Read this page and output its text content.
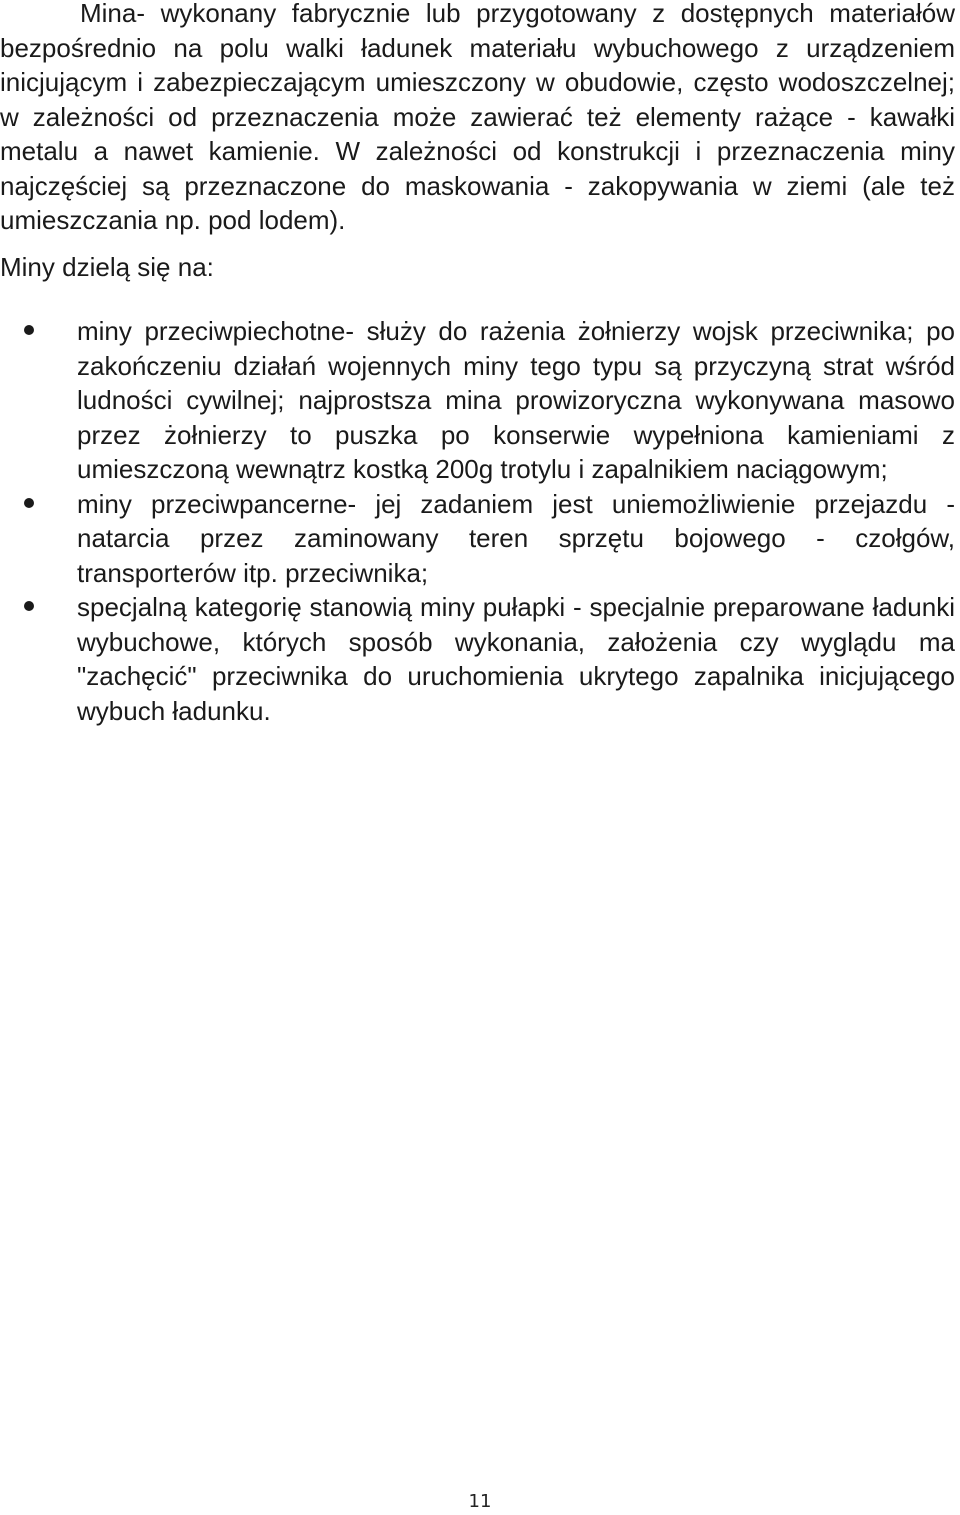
Mina- wykonany fabrycznie lub przygotowany z dostępnych materiałów bezpośrednio na polu walki ładunek materiału wybuchowego z urządzeniem inicjującym i zabezpieczającym umieszczony w obudowie, często wodoszczelnej; w zależności od przeznaczenia może zawierać też elementy rażące - kawałki metalu a nawet kamienie. W zależności od konstrukcji i przeznaczenia miny najczęściej są przeznaczone do maskowania - zakopywania w ziemi (ale też umieszczania np. pod lodem).

Miny dzielą się na:

miny przeciwpiechotne- służy do rażenia żołnierzy wojsk przeciwnika; po zakończeniu działań wojennych miny tego typu są przyczyną strat wśród ludności cywilnej; najprostsza mina prowizoryczna wykonywana masowo przez żołnierzy to puszka po konserwie wypełniona kamieniami z umieszczoną wewnątrz kostką 200g trotylu i zapalnikiem naciągowym;
miny przeciwpancerne- jej zadaniem jest uniemożliwienie przejazdu - natarcia przez zaminowany teren sprzętu bojowego - czołgów, transporterów itp. przeciwnika;
specjalną kategorię stanowią miny pułapki - specjalnie preparowane ładunki wybuchowe, których sposób wykonania, założenia czy wyglądu ma "zachęcić" przeciwnika do uruchomienia ukrytego zapalnika inicjującego wybuch ładunku.
11
